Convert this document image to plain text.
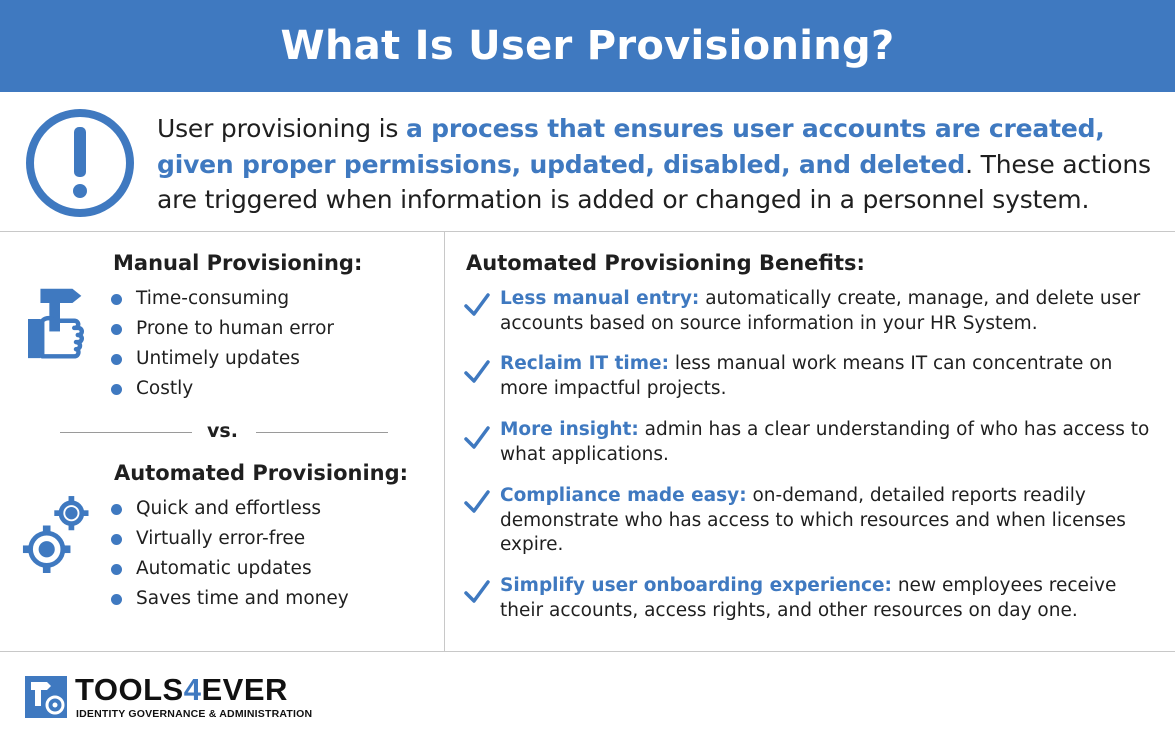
What Is User Provisioning?

User provisioning is a process that ensures user accounts are created, given proper permissions, updated, disabled, and deleted. These actions are triggered when information is added or changed in a personnel system.

Manual Provisioning:
Time-consuming
Prone to human error
Untimely updates
Costly
vs.
Automated Provisioning:
Quick and effortless
Virtually error-free
Automatic updates
Saves time and money
Automated Provisioning Benefits:
Less manual entry: automatically create, manage, and delete user accounts based on source information in your HR System.
Reclaim IT time: less manual work means IT can concentrate on more impactful projects.
More insight: admin has a clear understanding of who has access to what applications.
Compliance made easy: on-demand, detailed reports readily demonstrate who has access to which resources and when licenses expire.
Simplify user onboarding experience: new employees receive their accounts, access rights, and other resources on day one.
TOOLS4EVER
IDENTITY GOVERNANCE & ADMINISTRATION
